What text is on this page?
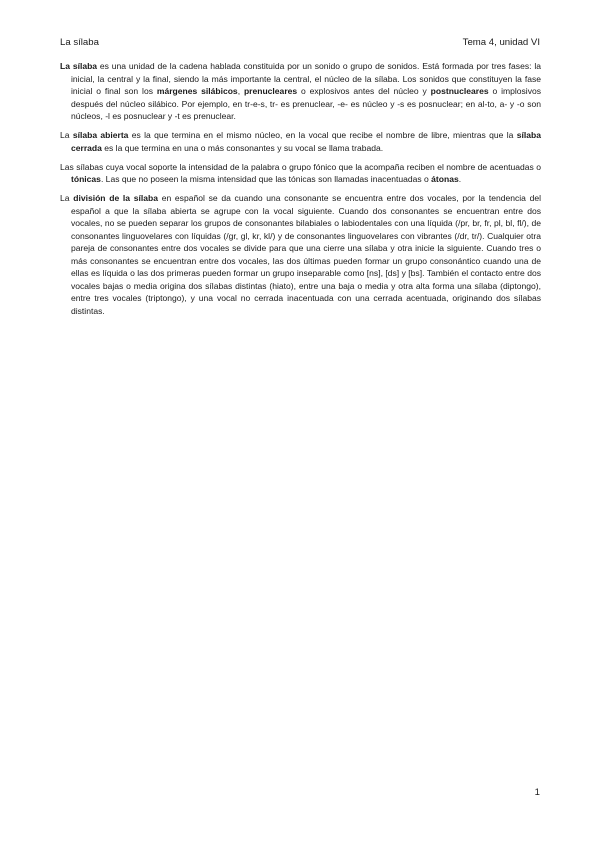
La sílaba	Tema 4, unidad VI

La sílaba es una unidad de la cadena hablada constituida por un sonido o grupo de sonidos. Está formada por tres fases: la inicial, la central y la final, siendo la más importante la central, el núcleo de la sílaba. Los sonidos que constituyen la fase inicial o final son los márgenes silábicos, prenucleares o explosivos antes del núcleo y postnucleares o implosivos después del núcleo silábico. Por ejemplo, en tr-e-s, tr- es prenuclear, -e- es núcleo y -s es posnuclear; en al-to, a- y -o son núcleos, -l es posnuclear y -t es prenuclear.

La sílaba abierta es la que termina en el mismo núcleo, en la vocal que recibe el nombre de libre, mientras que la sílaba cerrada es la que termina en una o más consonantes y su vocal se llama trabada.

Las sílabas cuya vocal soporte la intensidad de la palabra o grupo fónico que la acompaña reciben el nombre de acentuadas o tónicas. Las que no poseen la misma intensidad que las tónicas son llamadas inacentuadas o átonas.

La división de la sílaba en español se da cuando una consonante se encuentra entre dos vocales, por la tendencia del español a que la sílaba abierta se agrupe con la vocal siguiente. Cuando dos consonantes se encuentran entre dos vocales, no se pueden separar los grupos de consonantes bilabiales o labiodentales con una líquida (/pr, br, fr, pl, bl, fl/), de consonantes linguovelares con líquidas (/gr, gl, kr, kl/) y de consonantes linguovelares con vibrantes (/dr, tr/). Cualquier otra pareja de consonantes entre dos vocales se divide para que una cierre una sílaba y otra inicie la siguiente. Cuando tres o más consonantes se encuentran entre dos vocales, las dos últimas pueden formar un grupo consonántico cuando una de ellas es líquida o las dos primeras pueden formar un grupo inseparable como [ns], [ds] y [bs]. También el contacto entre dos vocales bajas o media origina dos sílabas distintas (hiato), entre una baja o media y otra alta forma una sílaba (diptongo), entre tres vocales (triptongo), y una vocal no cerrada inacentuada con una cerrada acentuada, originando dos sílabas distintas.

1
